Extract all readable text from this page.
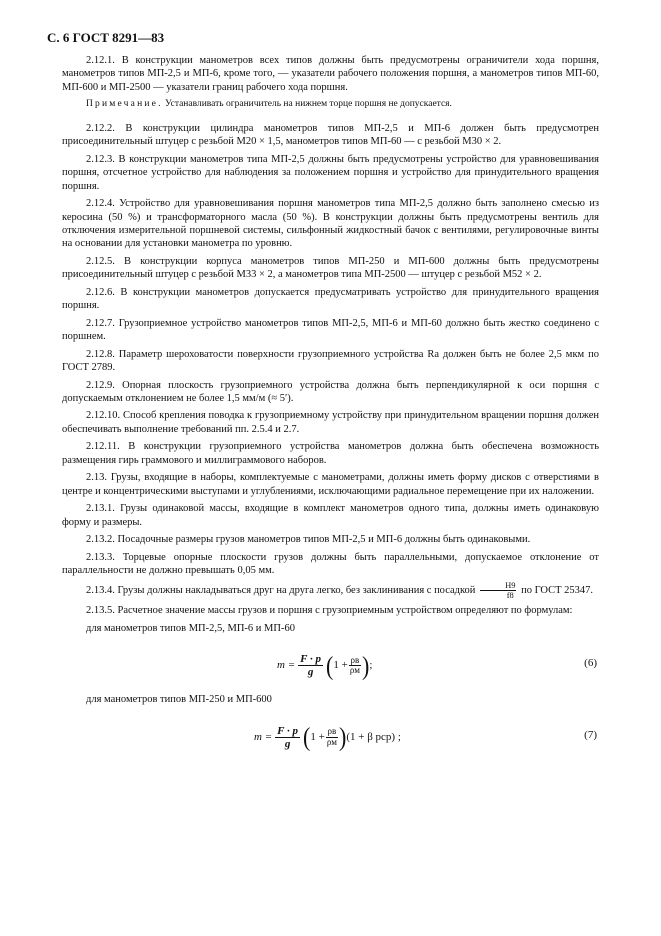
С. 6 ГОСТ 8291—83

2.12.1. В конструкции манометров всех типов должны быть предусмотрены ограничители хода поршня, манометров типов МП-2,5 и МП-6, кроме того, — указатели рабочего положения поршня, а манометров типов МП-60, МП-600 и МП-2500 — указатели границ рабочего хода поршня.

Примечание. Устанавливать ограничитель на нижнем торце поршня не допускается.

2.12.2. В конструкции цилиндра манометров типов МП-2,5 и МП-6 должен быть предусмотрен присоединительный штуцер с резьбой М20 × 1,5, манометров типов МП-60 — с резьбой М30 × 2.

2.12.3. В конструкции манометров типа МП-2,5 должны быть предусмотрены устройство для уравновешивания поршня, отсчетное устройство для наблюдения за положением поршня и устройство для принудительного вращения поршня.

2.12.4. Устройство для уравновешивания поршня манометров типа МП-2,5 должно быть заполнено смесью из керосина (50 %) и трансформаторного масла (50 %). В конструкции должны быть предусмотрены вентиль для отключения измерительной поршневой системы, сильфонный жидкостный бачок с вентилями, регулировочные винты на основании для установки манометра по уровню.

2.12.5. В конструкции корпуса манометров типов МП-250 и МП-600 должны быть предусмотрены присоединительный штуцер с резьбой М33 × 2, а манометров типа МП-2500 — штуцер с резьбой М52 × 2.

2.12.6. В конструкции манометров допускается предусматривать устройство для принудительного вращения поршня.

2.12.7. Грузоприемное устройство манометров типов МП-2,5, МП-6 и МП-60 должно быть жестко соединено с поршнем.

2.12.8. Параметр шероховатости поверхности грузоприемного устройства Ra должен быть не более 2,5 мкм по ГОСТ 2789.

2.12.9. Опорная плоскость грузоприемного устройства должна быть перпендикулярной к оси поршня с допускаемым отклонением не более 1,5 мм/м (≈ 5′).

2.12.10. Способ крепления поводка к грузоприемному устройству при принудительном вращении поршня должен обеспечивать выполнение требований пп. 2.5.4 и 2.7.

2.12.11. В конструкции грузоприемного устройства манометров должна быть обеспечена возможность размещения гирь граммового и миллиграммового наборов.

2.13. Грузы, входящие в наборы, комплектуемые с манометрами, должны иметь форму дисков с отверстиями в центре и концентрическими выступами и углублениями, исключающими радиальное перемещение при их наложении.

2.13.1. Грузы одинаковой массы, входящие в комплект манометров одного типа, должны иметь одинаковую форму и размеры.

2.13.2. Посадочные размеры грузов манометров типов МП-2,5 и МП-6 должны быть одинаковыми.

2.13.3. Торцевые опорные плоскости грузов должны быть параллельными, допускаемое отклонение от параллельности не должно превышать 0,05 мм.

2.13.4. Грузы должны накладываться друг на друга легко, без заклинивания с посадкой $\frac{H9}{f8}$ по ГОСТ 25347.

2.13.5. Расчетное значение массы грузов и поршня с грузоприемным устройством определяют по формулам:

для манометров типов МП-2,5, МП-6 и МП-60

$m = \frac{F \cdot p}{g}$ ( 1 + ρв
ρм ) ;	(6)

для манометров типов МП-250 и МП-600

$m = \frac{F \cdot p}{g}$ ( 1 + ρв
ρм ) (1 + β pср) ;	(7)
